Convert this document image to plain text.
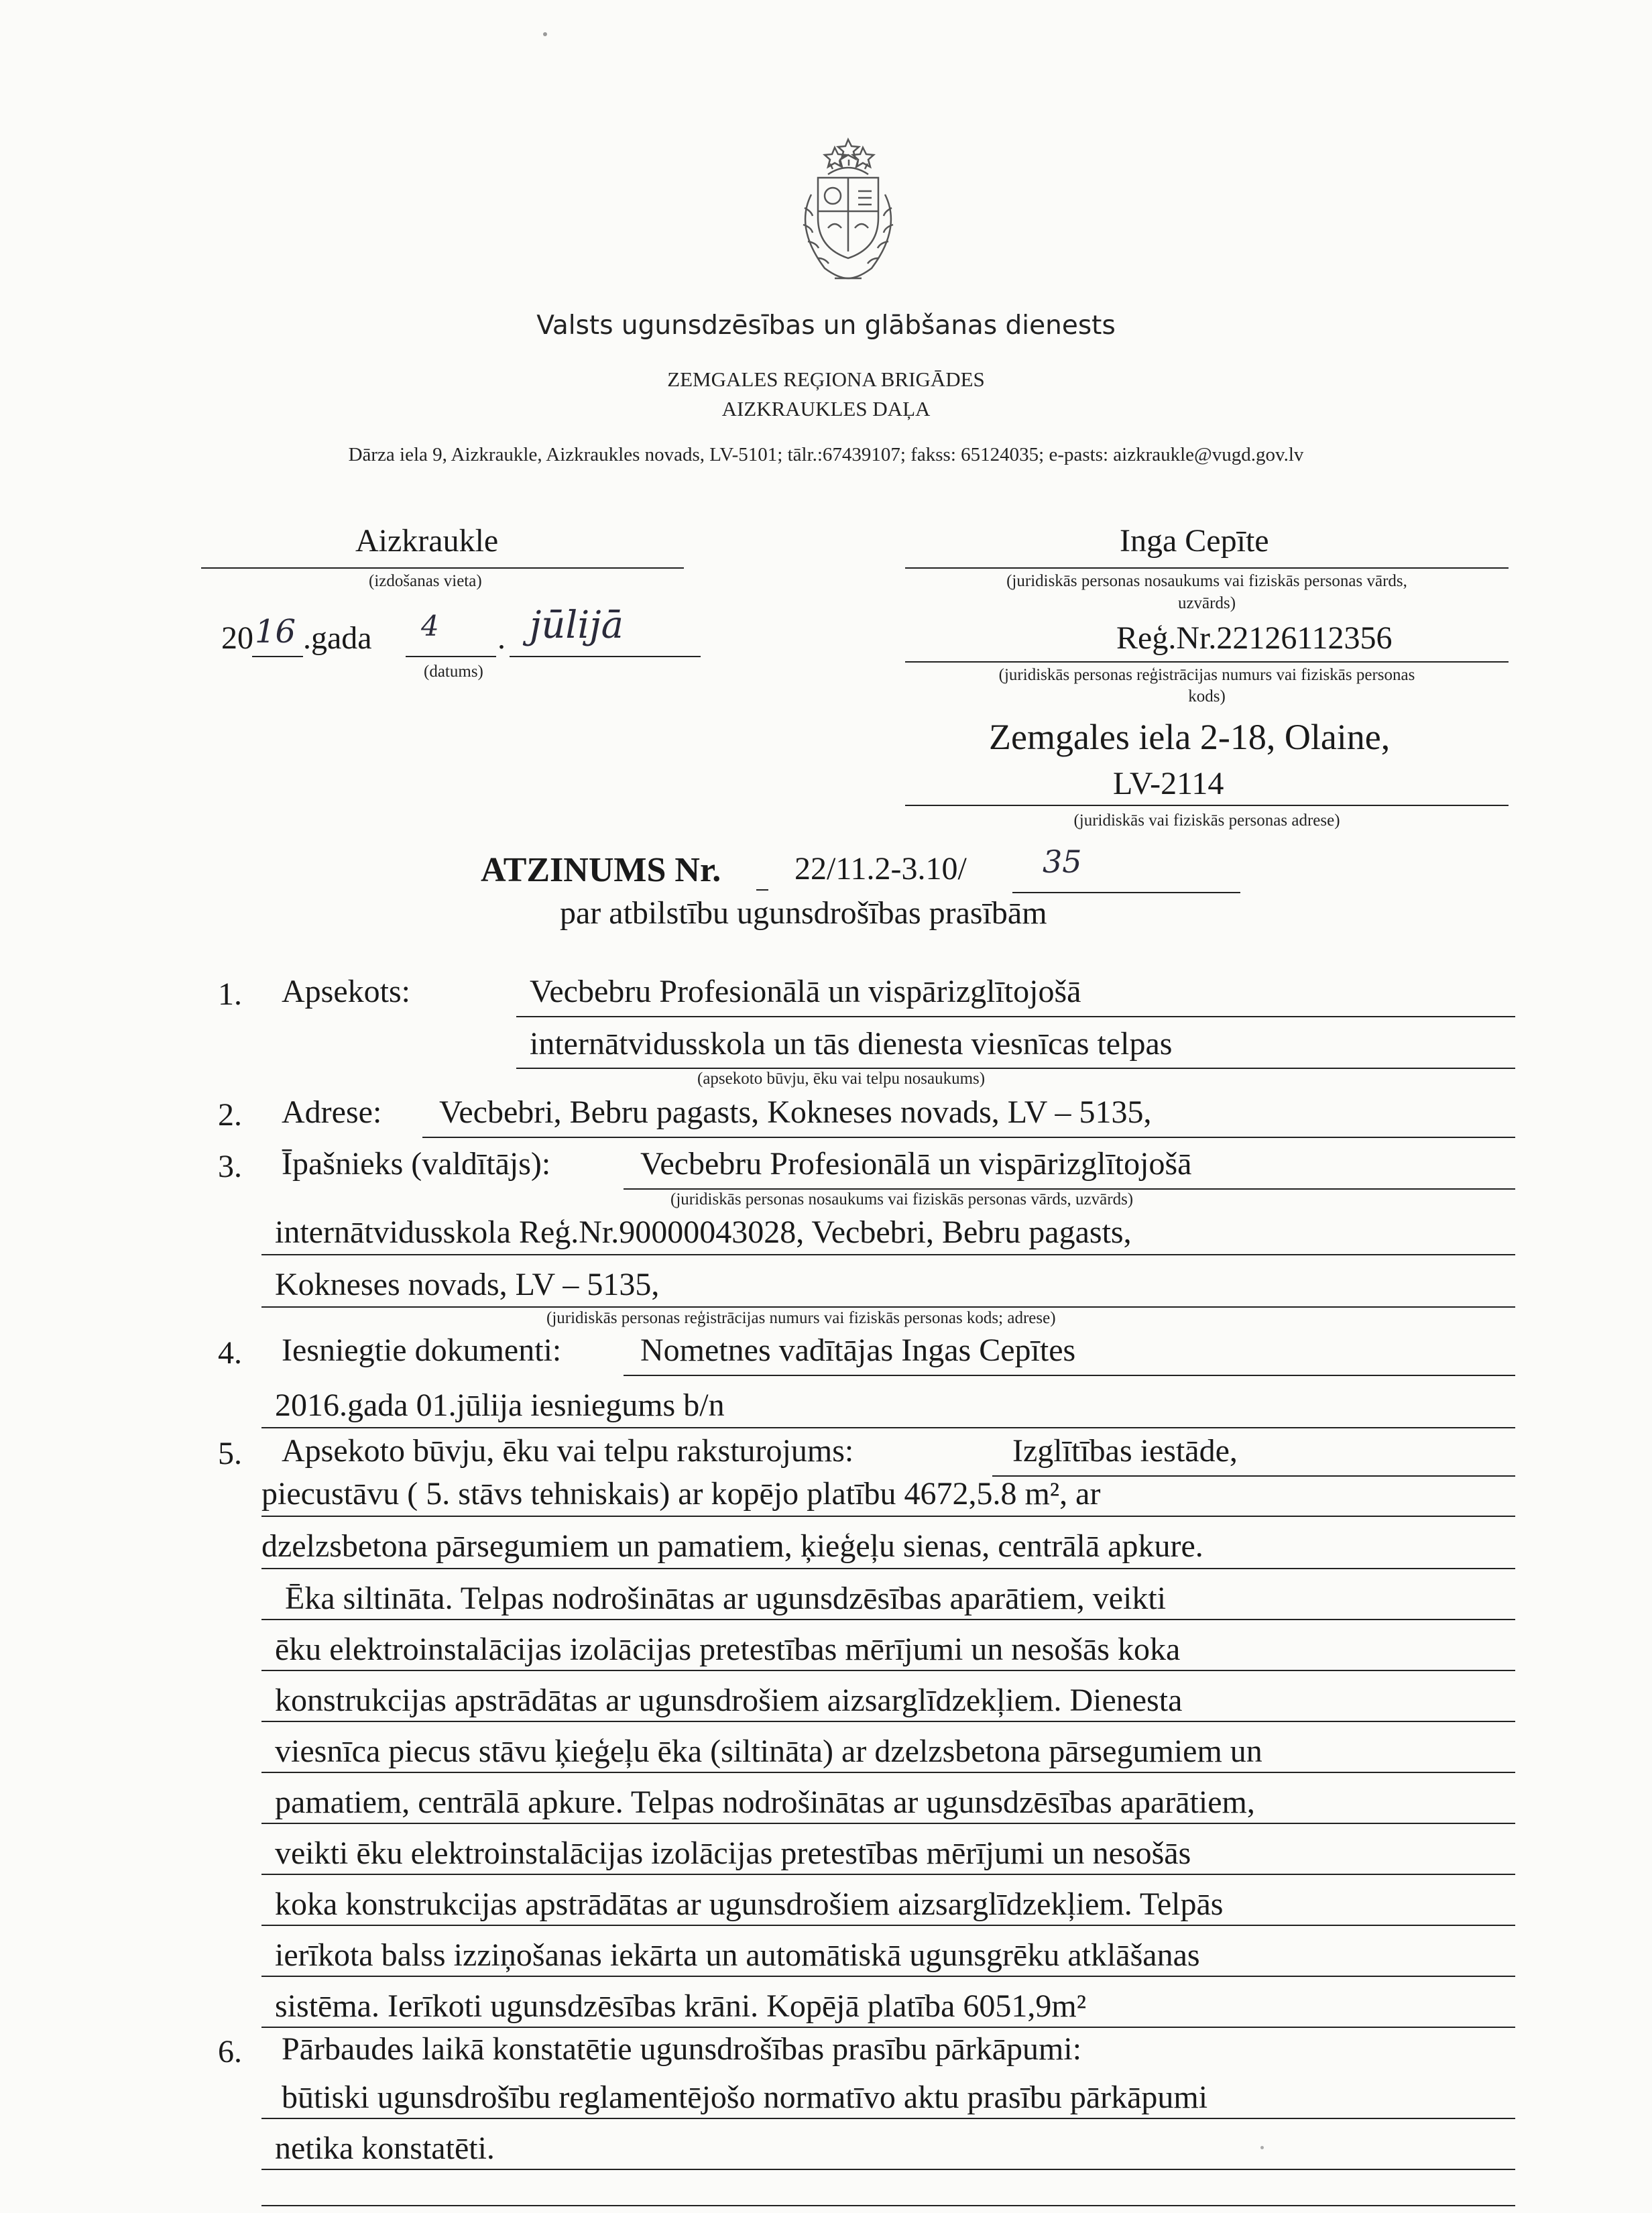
Valsts ugunsdzēsības un glābšanas dienests
ZEMGALES REĢIONA BRIGĀDES
AIZKRAUKLES DAĻA
Dārza iela 9, Aizkraukle, Aizkraukles novads, LV-5101; tālr.:67439107; fakss: 65124035; e-pasts: aizkraukle@vugd.gov.lv
Aizkraukle
(izdošanas vieta)
20 16 .gada 4 . jūlijā
(datums)
Inga Cepīte
(juridiskās personas nosaukums vai fiziskās personas vārds,
uzvārds)
Reģ.Nr.22126112356
(juridiskās personas reģistrācijas numurs vai fiziskās personas
kods)
Zemgales iela 2-18, Olaine,
LV-2114
(juridiskās vai fiziskās personas adrese)
ATZINUMS Nr. 22/11.2-3.10/ 35
par atbilstību ugunsdrošības prasībām
1. Apsekots:	Vecbebru Profesionālā un vispārizglītojošā
internātvidusskola un tās dienesta viesnīcas telpas
(apsekoto būvju, ēku vai telpu nosaukums)
2. Adrese: Vecbebri, Bebru pagasts, Kokneses novads, LV – 5135,
3. Īpašnieks (valdītājs):	Vecbebru Profesionālā un vispārizglītojošā
(juridiskās personas nosaukums vai fiziskās personas vārds, uzvārds)
internātvidusskola Reģ.Nr.90000043028, Vecbebri, Bebru pagasts,
Kokneses novads, LV – 5135,
(juridiskās personas reģistrācijas numurs vai fiziskās personas kods; adrese)
4. Iesniegtie dokumenti: Nometnes vadītājas Ingas Cepītes
2016.gada 01.jūlija iesniegums b/n
5. Apsekoto būvju, ēku vai telpu raksturojums:	Izglītības iestāde,
piecustāvu ( 5. stāvs tehniskais) ar kopējo platību 4672,5.8 m², ar
dzelzsbetona pārsegumiem un pamatiem, ķieģeļu sienas, centrālā apkure.
Ēka siltināta. Telpas nodrošinātas ar ugunsdzēsības aparātiem, veikti
ēku elektroinstalācijas izolācijas pretestības mērījumi un nesošās koka
konstrukcijas apstrādātas ar ugunsdrošiem aizsarglīdzekļiem. Dienesta
viesnīca piecus stāvu ķieģeļu ēka (siltināta) ar dzelzsbetona pārsegumiem un
pamatiem, centrālā apkure. Telpas nodrošinātas ar ugunsdzēsības aparātiem,
veikti ēku elektroinstalācijas izolācijas pretestības mērījumi un nesošās
koka konstrukcijas apstrādātas ar ugunsdrošiem aizsarglīdzekļiem. Telpās
ierīkota balss izziņošanas iekārta un automātiskā ugunsgrēku atklāšanas
sistēma. Ierīkoti ugunsdzēsības krāni. Kopējā platība 6051,9m²
6. Pārbaudes laikā konstatētie ugunsdrošības prasību pārkāpumi:
būtiski ugunsdrošību reglamentējošo normatīvo aktu prasību pārkāpumi
netika konstatēti.
